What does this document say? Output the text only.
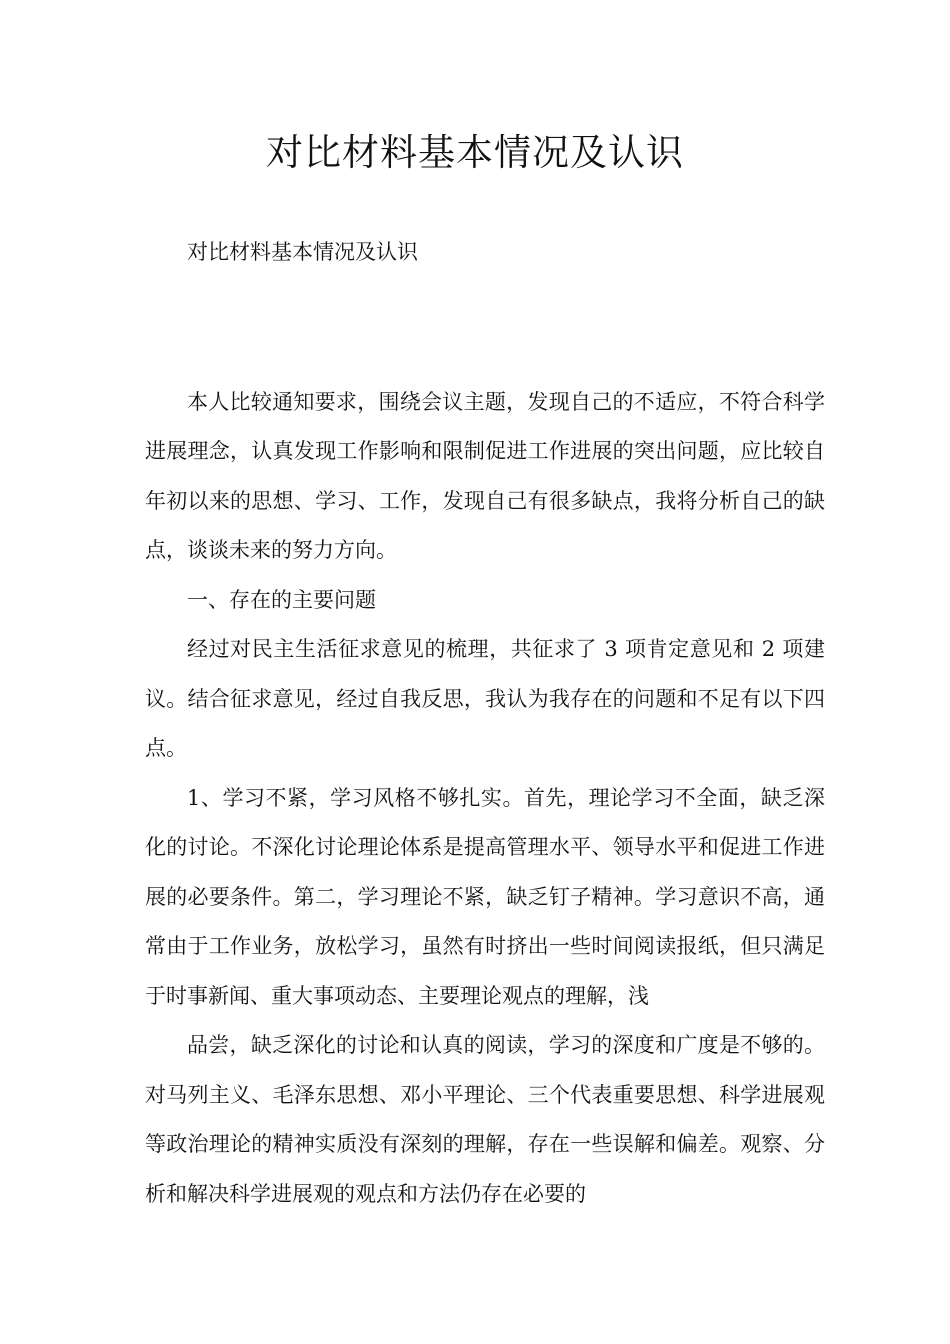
对比材料基本情况及认识

对比材料基本情况及认识

本人比较通知要求，围绕会议主题，发现自己的不适应，不符合科学进展理念，认真发现工作影响和限制促进工作进展的突出问题，应比较自年初以来的思想、学习、工作，发现自己有很多缺点，我将分析自己的缺点，谈谈未来的努力方向。

一、存在的主要问题

经过对民主生活征求意见的梳理，共征求了 3 项肯定意见和 2 项建议。结合征求意见，经过自我反思，我认为我存在的问题和不足有以下四点。

1、学习不紧，学习风格不够扎实。首先，理论学习不全面，缺乏深化的讨论。不深化讨论理论体系是提高管理水平、领导水平和促进工作进展的必要条件。第二，学习理论不紧，缺乏钉子精神。学习意识不高，通常由于工作业务，放松学习，虽然有时挤出一些时间阅读报纸，但只满足于时事新闻、重大事项动态、主要理论观点的理解，浅

品尝，缺乏深化的讨论和认真的阅读，学习的深度和广度是不够的。对马列主义、毛泽东思想、邓小平理论、三个代表重要思想、科学进展观等政治理论的精神实质没有深刻的理解，存在一些误解和偏差。观察、分析和解决科学进展观的观点和方法仍存在必要的
